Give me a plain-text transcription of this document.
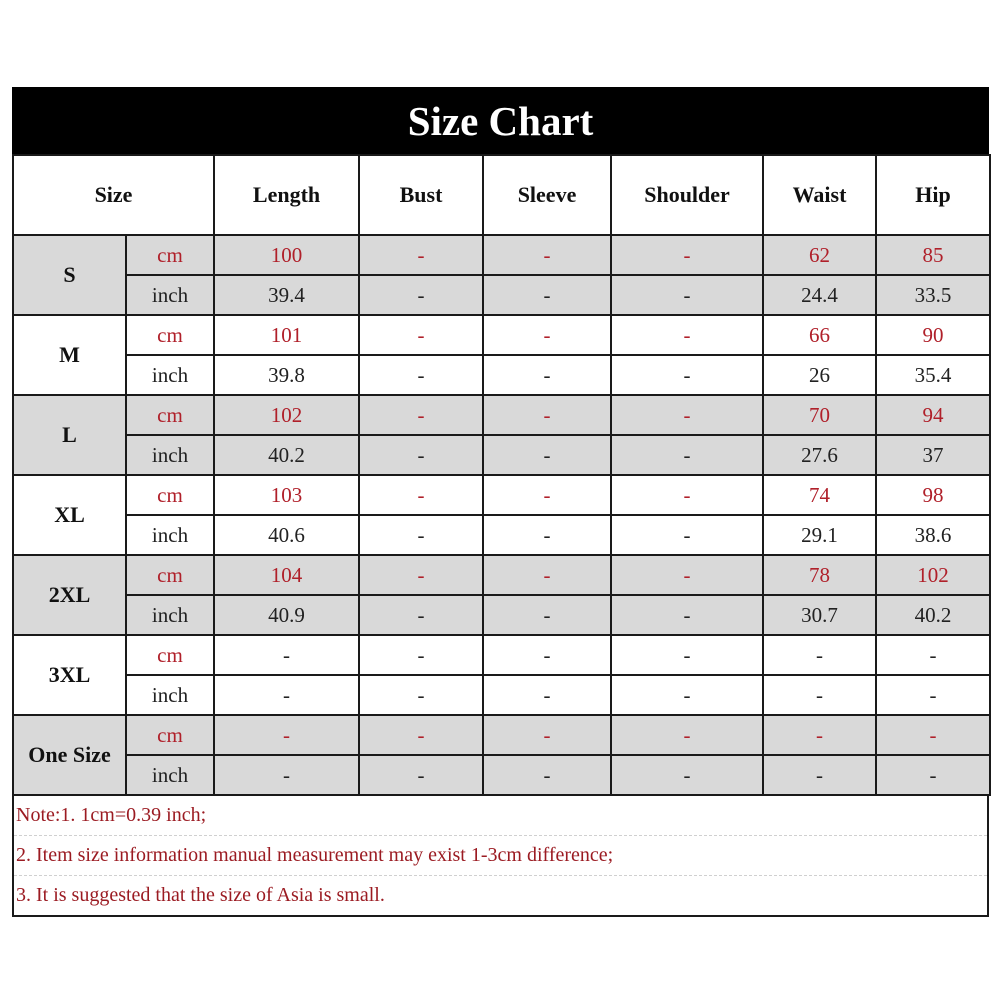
Size Chart
Size		Length	Bust	Sleeve	Shoulder	Waist	Hip
S	cm	100	-	-	-	62	85
	inch	39.4	-	-	-	24.4	33.5
M	cm	101	-	-	-	66	90
	inch	39.8	-	-	-	26	35.4
L	cm	102	-	-	-	70	94
	inch	40.2	-	-	-	27.6	37
XL	cm	103	-	-	-	74	98
	inch	40.6	-	-	-	29.1	38.6
2XL	cm	104	-	-	-	78	102
	inch	40.9	-	-	-	30.7	40.2
3XL	cm	-	-	-	-	-	-
	inch	-	-	-	-	-	-
One Size	cm	-	-	-	-	-	-
	inch	-	-	-	-	-	-
Note:1. 1cm=0.39 inch;
2. Item size information manual measurement may exist 1-3cm difference;
3. It is suggested that the size of Asia is small.
